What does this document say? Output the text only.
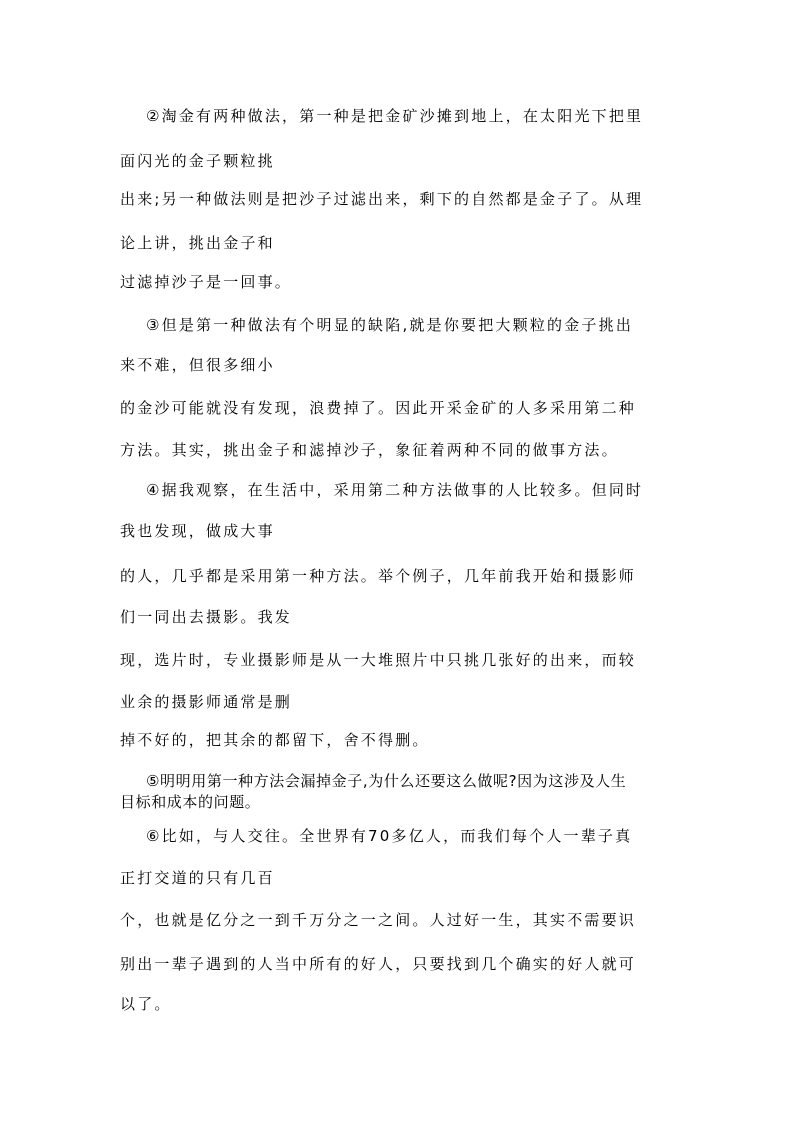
②淘金有两种做法，第一种是把金矿沙摊到地上，在太阳光下把里
面闪光的金子颗粒挑
出来;另一种做法则是把沙子过滤出来，剩下的自然都是金子了。从理
论上讲，挑出金子和
过滤掉沙子是一回事。
③但是第一种做法有个明显的缺陷,就是你要把大颗粒的金子挑出
来不难，但很多细小
的金沙可能就没有发现，浪费掉了。因此开采金矿的人多采用第二种
方法。其实，挑出金子和滤掉沙子，象征着两种不同的做事方法。
④据我观察，在生活中，采用第二种方法做事的人比较多。但同时
我也发现，做成大事
的人，几乎都是采用第一种方法。举个例子，几年前我开始和摄影师
们一同出去摄影。我发
现，选片时，专业摄影师是从一大堆照片中只挑几张好的出来，而较
业余的摄影师通常是删
掉不好的，把其余的都留下，舍不得删。
⑤明明用第一种方法会漏掉金子,为什么还要这么做呢?因为这涉及人生
目标和成本的问题。
⑥比如，与人交往。全世界有70多亿人，而我们每个人一辈子真
正打交道的只有几百
个，也就是亿分之一到千万分之一之间。人过好一生，其实不需要识
别出一辈子遇到的人当中所有的好人，只要找到几个确实的好人就可
以了。
